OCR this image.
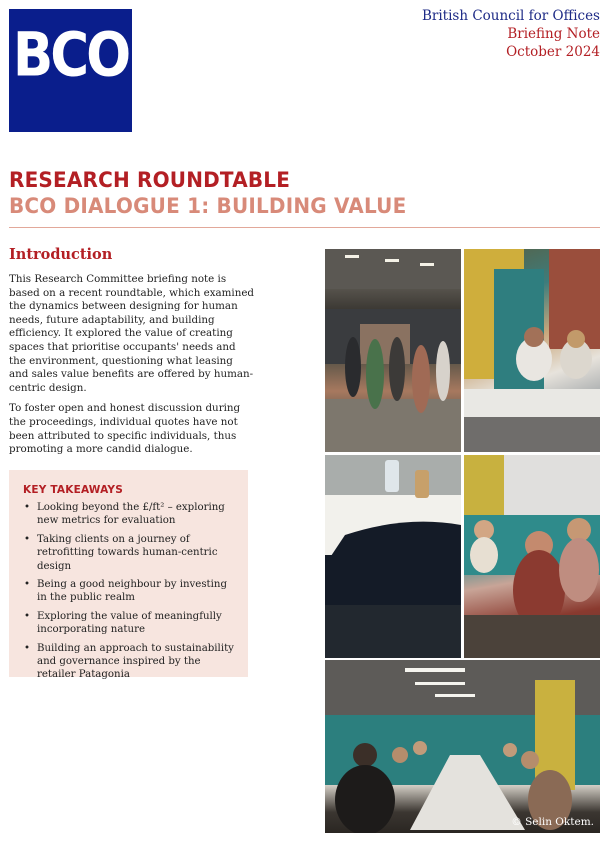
BCO
British Council for Offices
Briefing Note
October 2024
RESEARCH ROUNDTABLE
BCO DIALOGUE 1: BUILDING VALUE
Introduction

This Research Committee briefing note is based on a recent roundtable, which examined the dynamics between designing for human needs, future adaptability, and building efficiency. It explored the value of creating spaces that prioritise occupants' needs and the environment, questioning what leasing and sales value benefits are offered by human-centric design.

To foster open and honest discussion during the proceedings, individual quotes have not been attributed to specific individuals, thus promoting a more candid dialogue.

KEY TAKEAWAYS
• Looking beyond the £/ft² – exploring new metrics for evaluation
• Taking clients on a journey of retrofitting towards human-centric design
• Being a good neighbour by investing in the public realm
• Exploring the value of meaningfully incorporating nature
• Building an approach to sustainability and governance inspired by the retailer Patagonia
© Selin Oktem.
